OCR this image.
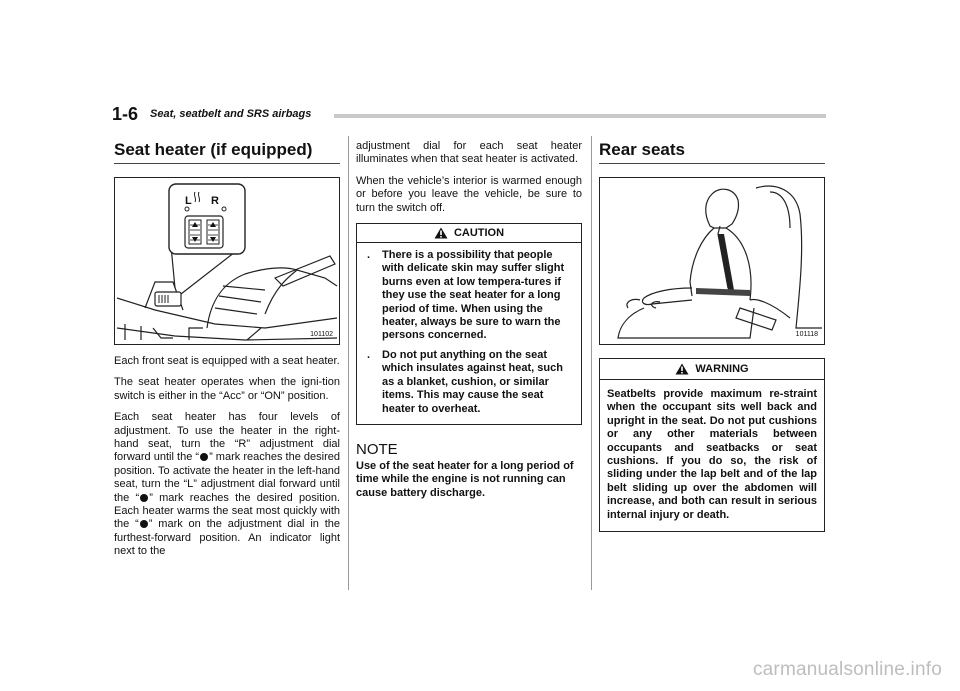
1-6 Seat, seatbelt and SRS airbags
Seat heater (if equipped)
L R
101102

Each front seat is equipped with a seat heater.

The seat heater operates when the igni-tion switch is either in the “Acc” or “ON” position.

Each seat heater has four levels of adjustment. To use the heater in the right-hand seat, turn the “R” adjustment dial forward until the “ ” mark reaches the desired position. To activate the heater in the left-hand seat, turn the “L” adjustment dial forward until the “ ” mark reaches the desired position. Each heater warms the seat most quickly with the “ ” mark on the adjustment dial in the furthest-forward position. An indicator light next to the

adjustment dial for each seat heater illuminates when that seat heater is activated.

When the vehicle’s interior is warmed enough or before you leave the vehicle, be sure to turn the switch off.

CAUTION
. There is a possibility that people with delicate skin may suffer slight burns even at low tempera-tures if they use the seat heater for a long period of time. When using the heater, always be sure to warn the persons concerned.
. Do not put anything on the seat which insulates against heat, such as a blanket, cushion, or similar items. This may cause the seat heater to overheat.
NOTE

Use of the seat heater for a long period of time while the engine is not running can cause battery discharge.

Rear seats
101118
WARNING

Seatbelts provide maximum re-straint when the occupant sits well back and upright in the seat. Do not put cushions or any other materials between occupants and seatbacks or seat cushions. If you do so, the risk of sliding under the lap belt and of the lap belt sliding up over the abdomen will increase, and both can result in serious internal injury or death.

carmanualsonline.info
